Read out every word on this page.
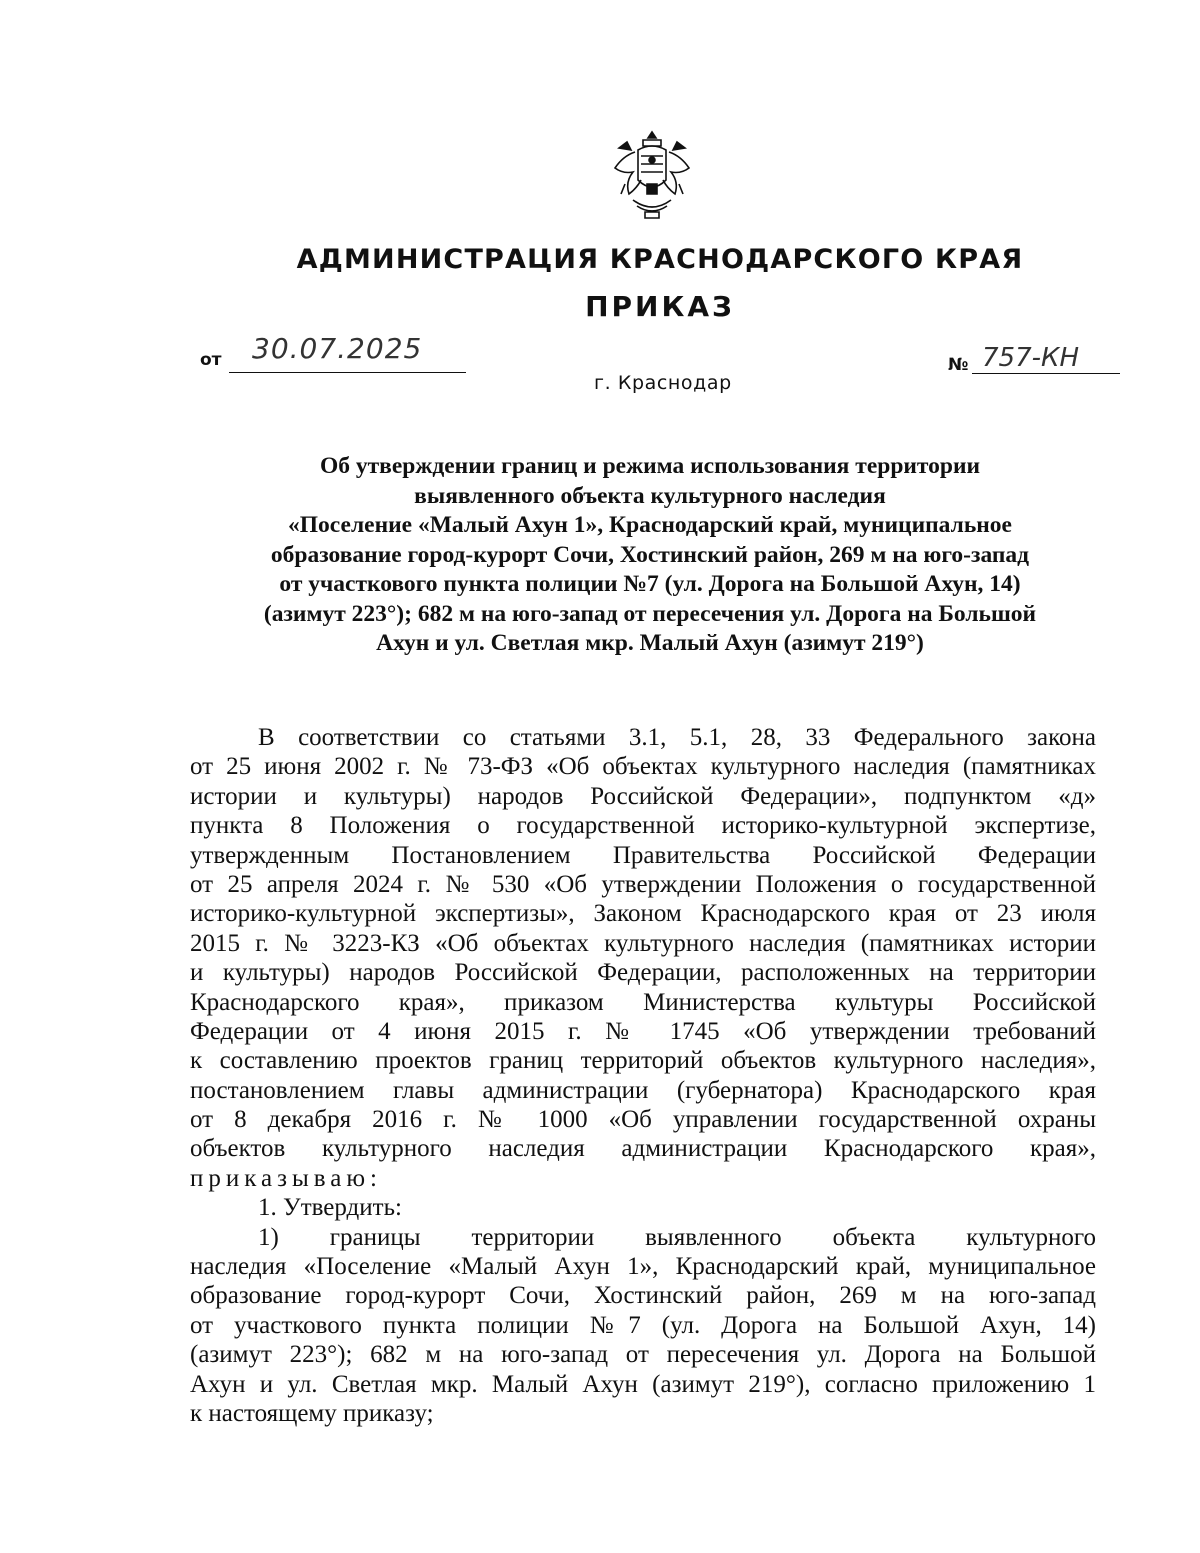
АДМИНИСТРАЦИЯ КРАСНОДАРСКОГО КРАЯ
ПРИКАЗ
от 30.07.2025	№ 757-КН
г. Краснодар
Об утверждении границ и режима использования территории
выявленного объекта культурного наследия
«Поселение «Малый Ахун 1», Краснодарский край, муниципальное
образование город-курорт Сочи, Хостинский район, 269 м на юго-запад
от участкового пункта полиции №7 (ул. Дорога на Большой Ахун, 14)
(азимут 223°); 682 м на юго-запад от пересечения ул. Дорога на Большой
Ахун и ул. Светлая мкр. Малый Ахун (азимут 219°)
В соответствии со статьями 3.1, 5.1, 28, 33 Федерального закона
от 25 июня 2002 г. № 73-ФЗ «Об объектах культурного наследия (памятниках
истории и культуры) народов Российской Федерации», подпунктом «д»
пункта 8 Положения о государственной историко-культурной экспертизе,
утвержденным Постановлением Правительства Российской Федерации
от 25 апреля 2024 г. № 530 «Об утверждении Положения о государственной
историко-культурной экспертизы», Законом Краснодарского края от 23 июля
2015 г. № 3223-КЗ «Об объектах культурного наследия (памятниках истории
и культуры) народов Российской Федерации, расположенных на территории
Краснодарского края», приказом Министерства культуры Российской
Федерации от 4 июня 2015 г. № 1745 «Об утверждении требований
к составлению проектов границ территорий объектов культурного наследия»,
постановлением главы администрации (губернатора) Краснодарского края
от 8 декабря 2016 г. № 1000 «Об управлении государственной охраны
объектов культурного наследия администрации Краснодарского края»,
приказываю:
1. Утвердить:
1) границы территории выявленного объекта культурного
наследия «Поселение «Малый Ахун 1», Краснодарский край, муниципальное
образование город-курорт Сочи, Хостинский район, 269 м на юго-запад
от участкового пункта полиции №7 (ул. Дорога на Большой Ахун, 14)
(азимут 223°); 682 м на юго-запад от пересечения ул. Дорога на Большой
Ахун и ул. Светлая мкр. Малый Ахун (азимут 219°), согласно приложению 1
к настоящему приказу;
